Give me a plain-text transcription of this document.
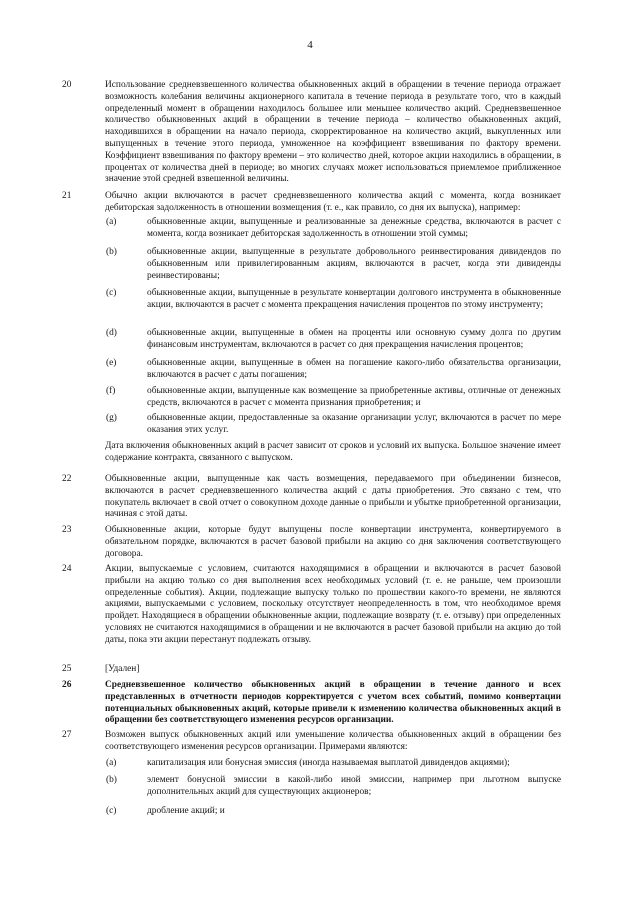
4
20	Использование средневзвешенного количества обыкновенных акций в обращении в течение периода отражает возможность колебания величины акционерного капитала в течение периода в результате того, что в каждый определенный момент в обращении находилось большее или меньшее количество акций. Средневзвешенное количество обыкновенных акций в обращении в течение периода – количество обыкновенных акций, находившихся в обращении на начало периода, скорректированное на количество акций, выкупленных или выпущенных в течение этого периода, умноженное на коэффициент взвешивания по фактору времени. Коэффициент взвешивания по фактору времени – это количество дней, которое акции находились в обращении, в процентах от количества дней в периоде; во многих случаях может использоваться приемлемое приближенное значение этой средней взвешенной величины.
21	Обычно акции включаются в расчет средневзвешенного количества акций с момента, когда возникает дебиторская задолженность в отношении возмещения (т. е., как правило, со дня их выпуска), например:
(a)	обыкновенные акции, выпущенные и реализованные за денежные средства, включаются в расчет с момента, когда возникает дебиторская задолженность в отношении этой суммы;
(b)	обыкновенные акции, выпущенные в результате добровольного реинвестирования дивидендов по обыкновенным или привилегированным акциям, включаются в расчет, когда эти дивиденды реинвестированы;
(c)	обыкновенные акции, выпущенные в результате конвертации долгового инструмента в обыкновенные акции, включаются в расчет с момента прекращения начисления процентов по этому инструменту;
(d)	обыкновенные акции, выпущенные в обмен на проценты или основную сумму долга по другим финансовым инструментам, включаются в расчет со дня прекращения начисления процентов;
(e)	обыкновенные акции, выпущенные в обмен на погашение какого-либо обязательства организации, включаются в расчет с даты погашения;
(f)	обыкновенные акции, выпущенные как возмещение за приобретенные активы, отличные от денежных средств, включаются в расчет с момента признания приобретения; и
(g)	обыкновенные акции, предоставленные за оказание организации услуг, включаются в расчет по мере оказания этих услуг.
Дата включения обыкновенных акций в расчет зависит от сроков и условий их выпуска. Большое значение имеет содержание контракта, связанного с выпуском.
22	Обыкновенные акции, выпущенные как часть возмещения, передаваемого при объединении бизнесов, включаются в расчет средневзвешенного количества акций с даты приобретения. Это связано с тем, что покупатель включает в свой отчет о совокупном доходе данные о прибыли и убытке приобретенной организации, начиная с этой даты.
23	Обыкновенные акции, которые будут выпущены после конвертации инструмента, конвертируемого в обязательном порядке, включаются в расчет базовой прибыли на акцию со дня заключения соответствующего договора.
24	Акции, выпускаемые с условием, считаются находящимися в обращении и включаются в расчет базовой прибыли на акцию только со дня выполнения всех необходимых условий (т. е. не раньше, чем произошли определенные события). Акции, подлежащие выпуску только по прошествии какого-то времени, не являются акциями, выпускаемыми с условием, поскольку отсутствует неопределенность в том, что необходимое время пройдет. Находящиеся в обращении обыкновенные акции, подлежащие возврату (т. е. отзыву) при определенных условиях не считаются находящимися в обращении и не включаются в расчет базовой прибыли на акцию до той даты, пока эти акции перестанут подлежать отзыву.
25	[Удален]
26	Средневзвешенное количество обыкновенных акций в обращении в течение данного и всех представленных в отчетности периодов корректируется с учетом всех событий, помимо конвертации потенциальных обыкновенных акций, которые привели к изменению количества обыкновенных акций в обращении без соответствующего изменения ресурсов организации.
27	Возможен выпуск обыкновенных акций или уменьшение количества обыкновенных акций в обращении без соответствующего изменения ресурсов организации. Примерами являются:
(a)	капитализация или бонусная эмиссия (иногда называемая выплатой дивидендов акциями);
(b)	элемент бонусной эмиссии в какой-либо иной эмиссии, например при льготном выпуске дополнительных акций для существующих акционеров;
(c)	дробление акций; и
